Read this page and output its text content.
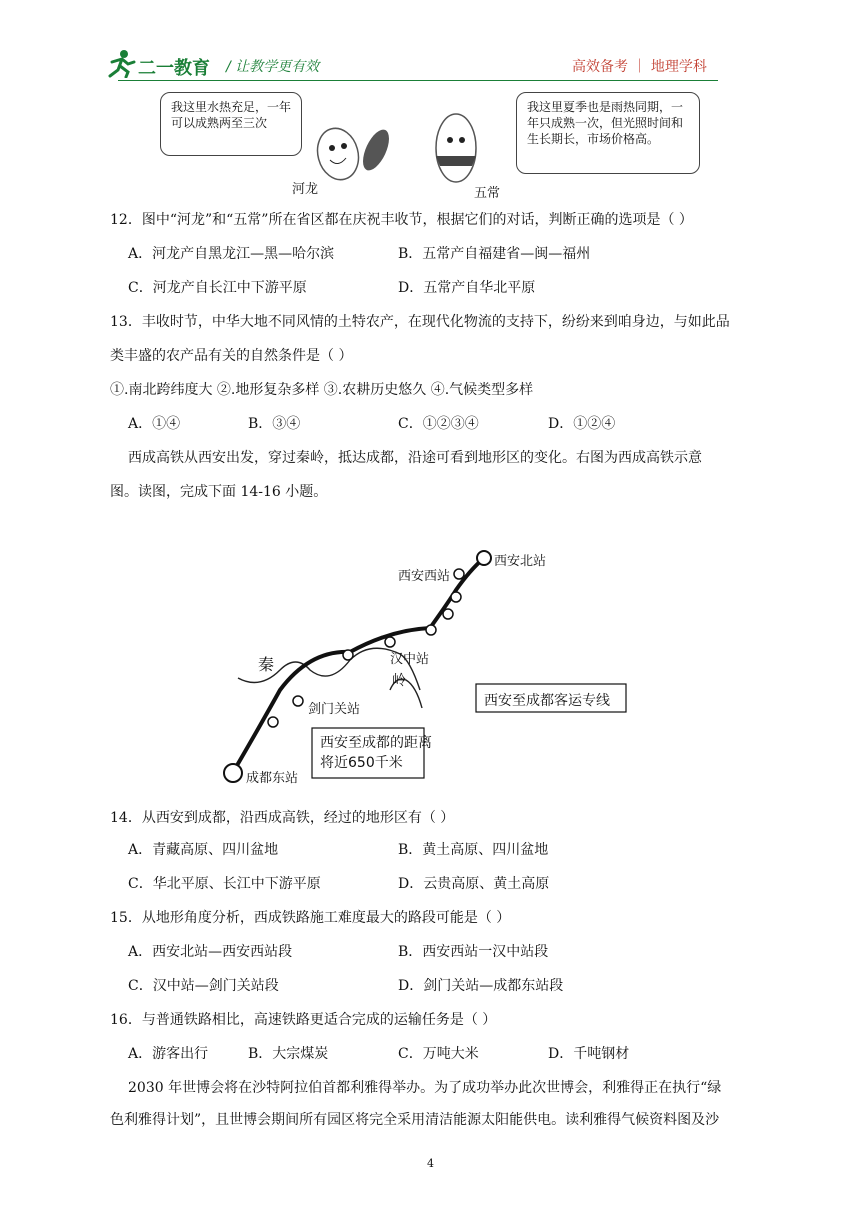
二一教育 / 让教学更有效	高效备考 ｜ 地理学科
我这里水热充足，一年可以成熟两至三次
河龙	五常
我这里夏季也是雨热同期，一年只成熟一次，但光照时间和生长期长，市场价格高。
12．图中“河龙”和“五常”所在省区都在庆祝丰收节，根据它们的对话，判断正确的选项是（ ）
A．河龙产自黑龙江—黑—哈尔滨	B．五常产自福建省—闽—福州
C．河龙产自长江中下游平原	D．五常产自华北平原
13．丰收时节，中华大地不同风情的土特农产，在现代化物流的支持下，纷纷来到咱身边，与如此品
类丰盛的农产品有关的自然条件是（ ）
①.南北跨纬度大 ②.地形复杂多样 ③.农耕历史悠久 ④.气候类型多样
A．①④	B．③④	C．①②③④	D．①②④
西成高铁从西安出发，穿过秦岭，抵达成都，沿途可看到地形区的变化。右图为西成高铁示意
图。读图，完成下面 14-16 小题。
西安北站
西安西站
汉中站
剑门关站
成都东站
秦
岭
西安至成都客运专线
西安至成都的距离
将近650千米
14．从西安到成都，沿西成高铁，经过的地形区有（ ）
A．青藏高原、四川盆地	B．黄土高原、四川盆地
C．华北平原、长江中下游平原	D．云贵高原、黄土高原
15．从地形角度分析，西成铁路施工难度最大的路段可能是（ ）
A．西安北站—西安西站段	B．西安西站一汉中站段
C．汉中站—剑门关站段	D．剑门关站—成都东站段
16．与普通铁路相比，高速铁路更适合完成的运输任务是（ ）
A．游客出行	B．大宗煤炭	C．万吨大米	D．千吨钢材
2030 年世博会将在沙特阿拉伯首都利雅得举办。为了成功举办此次世博会，利雅得正在执行“绿
色利雅得计划”，且世博会期间所有园区将完全采用清洁能源太阳能供电。读利雅得气候资料图及沙
4
